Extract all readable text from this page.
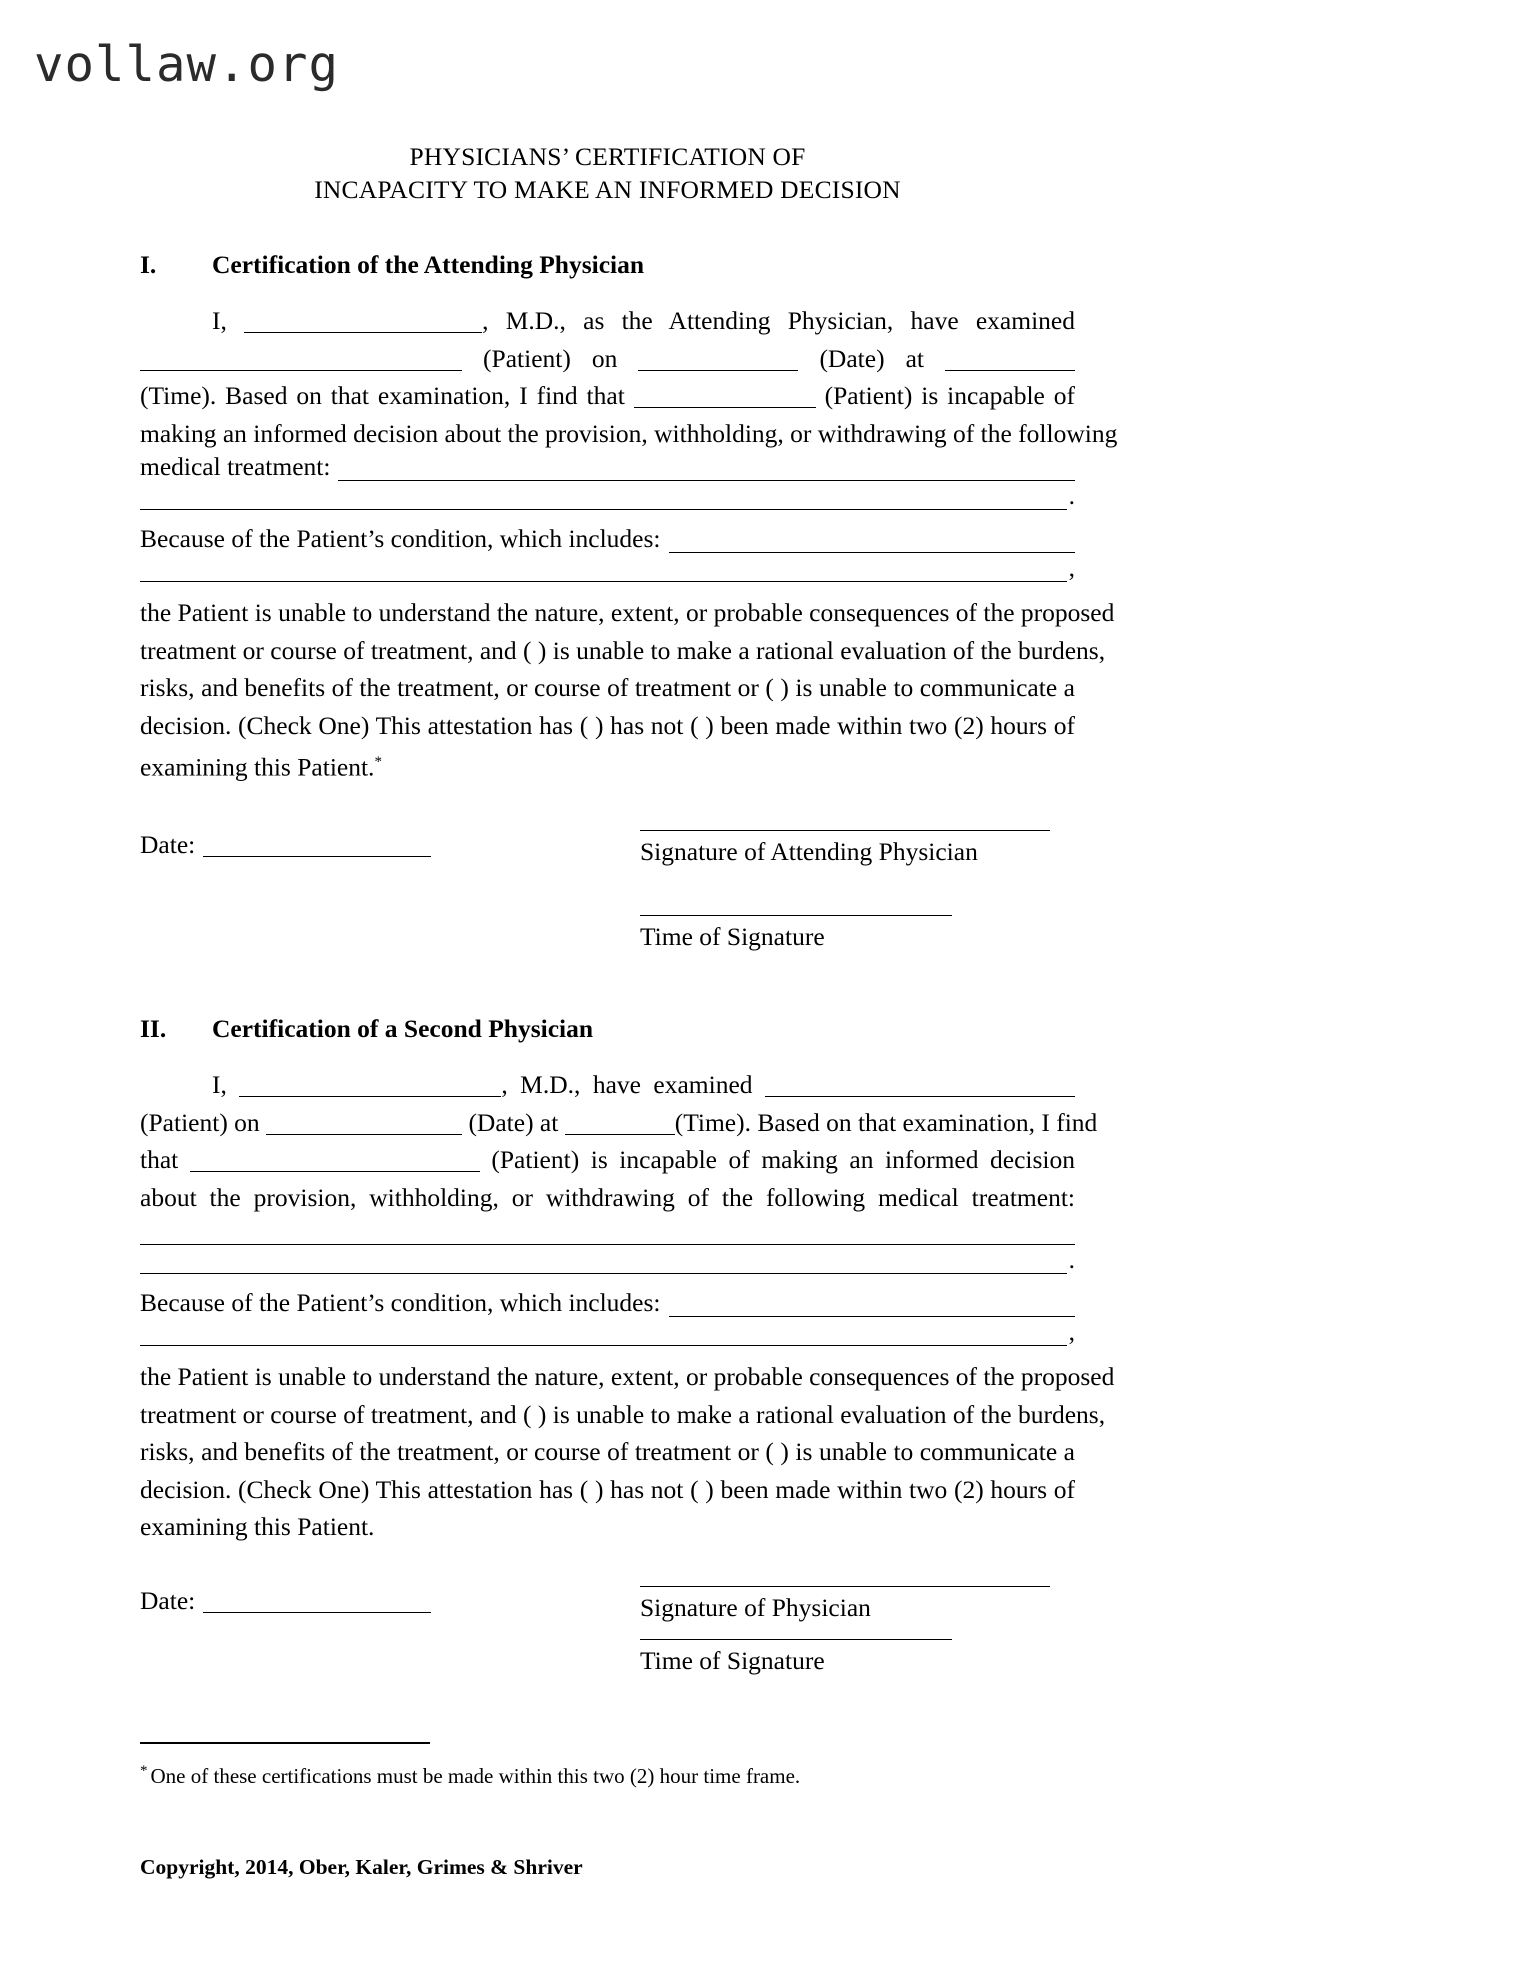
vollaw.org
PHYSICIANS’ CERTIFICATION OF
INCAPACITY TO MAKE AN INFORMED DECISION
I.	Certification of the Attending Physician
I,	, M.D., as the Attending Physician, have examined
(Patient) on	(Date) at
(Time). Based on that examination, I find that	(Patient) is incapable of
making an informed decision about the provision, withholding, or withdrawing of the following
medical treatment:
.
Because of the Patient’s condition, which includes:
,
the Patient is unable to understand the nature, extent, or probable consequences of the proposed
treatment or course of treatment, and ( ) is unable to make a rational evaluation of the burdens,
risks, and benefits of the treatment, or course of treatment or ( ) is unable to communicate a
decision. (Check One) This attestation has ( ) has not ( ) been made within two (2) hours of
examining this Patient.*
Date:	Signature of Attending Physician
Time of Signature
II.	Certification of a Second Physician
I,	, M.D., have examined
(Patient) on	(Date) at	(Time). Based on that examination, I find
that	(Patient) is incapable of making an informed decision
about the provision, withholding, or withdrawing of the following medical treatment:
.
Because of the Patient’s condition, which includes:
,
the Patient is unable to understand the nature, extent, or probable consequences of the proposed
treatment or course of treatment, and ( ) is unable to make a rational evaluation of the burdens,
risks, and benefits of the treatment, or course of treatment or ( ) is unable to communicate a
decision. (Check One) This attestation has ( ) has not ( ) been made within two (2) hours of
examining this Patient.
Date:	Signature of Physician
Time of Signature
* One of these certifications must be made within this two (2) hour time frame.
Copyright, 2014, Ober, Kaler, Grimes & Shriver
